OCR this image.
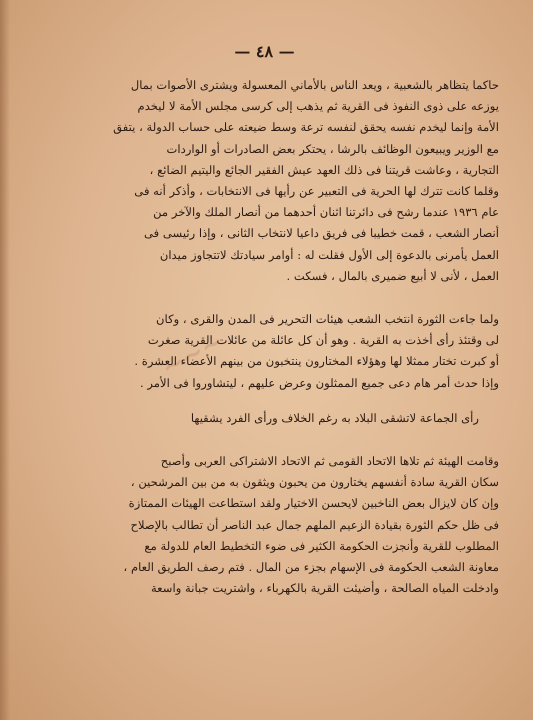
~~~
— ٤٨ —
حاكما يتظاهر بالشعبية ، ويعد الناس بالأماني المعسولة ويشترى الأصوات بمال
يوزعه على ذوى النفوذ فى القرية ثم يذهب إلى كرسى مجلس الأمة لا ليخدم
الأمة وإنما ليخدم نفسه يحقق لنفسه ترعة وسط ضيعته على حساب الدولة ، يتفق
مع الوزير ويبيعون الوظائف بالرشا ، يحتكر بعض الصادرات أو الواردات
التجارية ، وعاشت قريتنا فى ذلك العهد عيش الفقير الجائع واليتيم الضائع ،
وقلما كانت تترك لها الحرية فى التعبير عن رأيها فى الانتخابات ، وأذكر أنه فى
عام ١٩٣٦ عندما رشح فى دائرتنا اثنان أحدهما من أنصار الملك والآخر من
أنصار الشعب ، قمت خطيبا فى فريق داعيا لانتخاب الثانى ، وإذا رئيسى فى
العمل يأمرنى بالدعوة إلى الأول فقلت له : أوامر سيادتك لاتتجاوز ميدان
العمل ، لأنى لا أبيع ضميرى بالمال ، فسكت .
ولما جاءت الثورة انتخب الشعب هيئات التحرير فى المدن والقرى ، وكان
لى وقتئذ رأى أخذت به القرية . وهو أن كل عائلة من عائلات القرية صغرت
أو كبرت تختار ممثلا لها وهؤلاء المختارون ينتخبون من بينهم الأعضاء العشرة .
وإذا حدث أمر هام دعى جميع الممثلون وعرض عليهم ، ليتشاوروا فى الأمر .
رأى الجماعة لاتشقى البلاد به رغم الخلاف ورأى الفرد يشقيها
وقامت الهيئة ثم تلاها الاتحاد القومى ثم الاتحاد الاشتراكى العربى وأصبح
سكان القرية سادة أنفسهم يختارون من يحبون ويثقون به من بين المرشحين ،
وإن كان لايزال بعض الناخبين لايحسن الاختيار ولقد استطاعت الهيئات الممتازة
فى ظل حكم الثورة بقيادة الزعيم الملهم جمال عبد الناصر أن تطالب بالإصلاح
المطلوب للقرية وأنجزت الحكومة الكثير فى ضوء التخطيط العام للدولة مع
معاونة الشعب الحكومة فى الإسهام بجزء من المال . فتم رصف الطريق العام ،
وادخلت المياه الصالحة ، وأضيئت القرية بالكهرباء ، واشتريت جبانة واسعة
